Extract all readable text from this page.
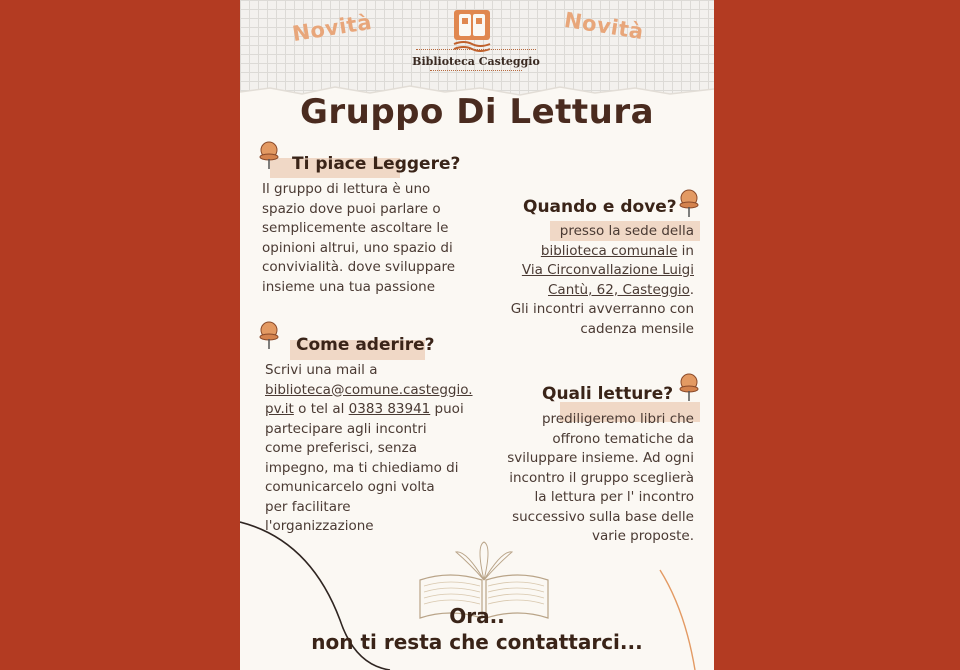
Novità	Novità
Biblioteca Casteggio
Gruppo Di Lettura
Ti piace Leggere?
Il gruppo di lettura è uno
spazio dove puoi parlare o
semplicemente ascoltare le
opinioni altrui, uno spazio di
convivialità. dove sviluppare
insieme una tua passione
Quando e dove?
presso la sede della
biblioteca comunale in
Via Circonvallazione Luigi
Cantù, 62, Casteggio.
Gli incontri avverranno con
cadenza mensile
Come aderire?
Scrivi una mail a
biblioteca@comune.casteggio.
pv.it o tel al 0383 83941 puoi
partecipare agli incontri
come preferisci, senza
impegno, ma ti chiediamo di
comunicarcelo ogni volta
per facilitare
l'organizzazione
Quali letture?
prediligeremo libri che
offrono tematiche da
sviluppare insieme. Ad ogni
incontro il gruppo sceglierà
la lettura per l' incontro
successivo sulla base delle
varie proposte.
Ora..
non ti resta che contattarci...
